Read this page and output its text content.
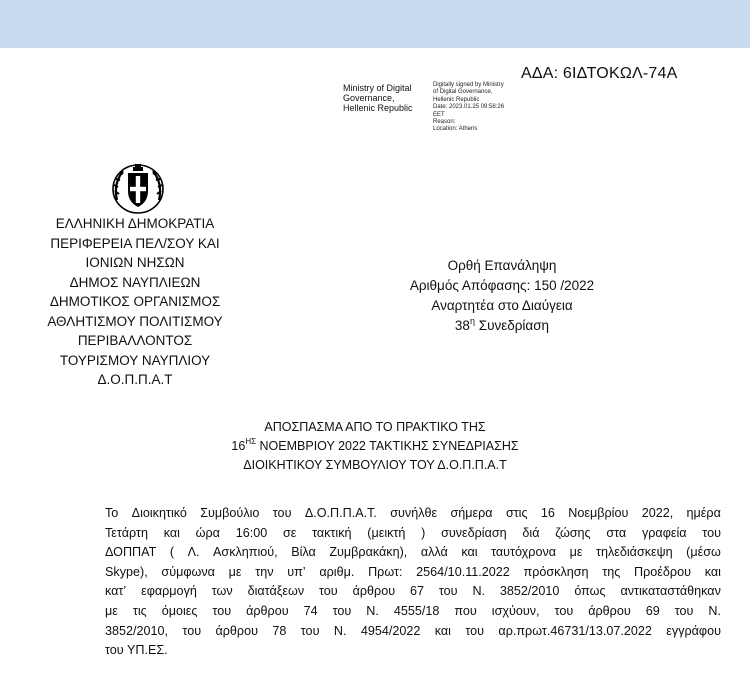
ΑΔΑ: 6ΙΔΤΟΚΩΛ-74Α
Ministry of Digital
Governance,
Hellenic Republic
Digitally signed by Ministry
of Digital Governance,
Hellenic Republic
Date: 2023.01.25 09:58:26
EET
Reason:
Location: Athens
ΕΛΛΗΝΙΚΗ ΔΗΜΟΚΡΑΤΙΑ
ΠΕΡΙΦΕΡΕΙΑ ΠΕΛ/ΣΟΥ ΚΑΙ
ΙΟΝΙΩΝ ΝΗΣΩΝ
ΔΗΜΟΣ ΝΑΥΠΛΙΕΩΝ
ΔΗΜΟΤΙΚΟΣ ΟΡΓΑΝΙΣΜΟΣ
ΑΘΛΗΤΙΣΜΟΥ ΠΟΛΙΤΙΣΜΟΥ
ΠΕΡΙΒΑΛΛΟΝΤΟΣ
ΤΟΥΡΙΣΜΟΥ ΝΑΥΠΛΙΟΥ
Δ.Ο.Π.Π.Α.Τ
Ορθή Επανάληψη
Αριθμός Απόφασης: 150 /2022
Αναρτητέα στο Διαύγεια
$38^\eta$ Συνεδρίαση
ΑΠΟΣΠΑΣΜΑ ΑΠΟ ΤΟ ΠΡΑΚΤΙΚΟ ΤΗΣ
$16^{H\Sigma}$ ΝΟΕΜΒΡΙΟΥ 2022 ΤΑΚΤΙΚΗΣ ΣΥΝΕΔΡΙΑΣΗΣ
ΔΙΟΙΚΗΤΙΚΟΥ ΣΥΜΒΟΥΛΙΟΥ ΤΟΥ Δ.Ο.Π.Π.Α.Τ
Το Διοικητικό Συμβούλιο του Δ.Ο.Π.Π.Α.Τ. συνήλθε σήμερα στις 16 Νοεμβρίου 2022, ημέρα
Τετάρτη και ώρα 16:00 σε τακτική (μεικτή ) συνεδρίαση διά ζώσης στα γραφεία του
ΔΟΠΠΑΤ ( Λ. Ασκληπιού, Βίλα Ζυμβρακάκη), αλλά και ταυτόχρονα με τηλεδιάσκεψη (μέσω
Skype), σύμφωνα με την υπ’ αριθμ. Πρωτ: 2564/10.11.2022 πρόσκληση της Προέδρου και
κατ’ εφαρμογή των διατάξεων του άρθρου 67 του Ν. 3852/2010 όπως αντικαταστάθηκαν
με τις όμοιες του άρθρου 74 του Ν. 4555/18 που ισχύουν, του άρθρου 69 του Ν.
3852/2010, του άρθρου 78 του Ν. 4954/2022 και του αρ.πρωτ.46731/13.07.2022 εγγράφου
του ΥΠ.ΕΣ.
